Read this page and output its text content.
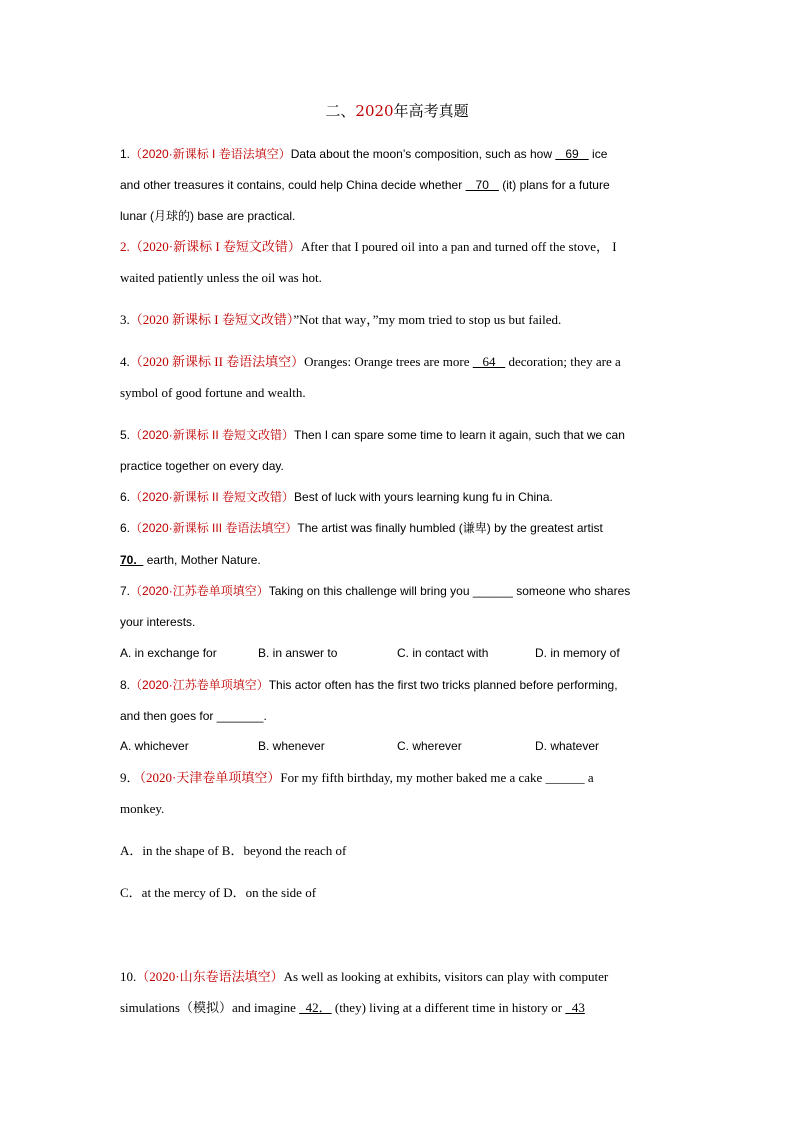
二、2020年高考真题
1.（2020·新课标 I 卷语法填空）Data about the moon’s composition, such as how    69    ice
and other treasures it contains, could help China decide whether    70    (it) plans for a future
lunar (月球的) base are practical.
2.（2020·新课标 I 卷短文改错）After that I poured oil into a pan and turned off the stove， I
waited patiently unless the oil was hot.
3.（2020 新课标 I 卷短文改错）”Not that way，”my mom tried to stop us but failed.
4.（2020 新课标 II 卷语法填空）Oranges: Orange trees are more    64    decoration; they are a
symbol of good fortune and wealth.
5.（2020·新课标 II 卷短文改错）Then I can spare some time to learn it again, such that we can
practice together on every day.
6.（2020·新课标 II 卷短文改错）Best of luck with yours learning kung fu in China.
6.（2020·新课标 III 卷语法填空）The artist was finally humbled (谦卑) by the greatest artist
70.   earth, Mother Nature.
7.（2020·江苏卷单项填空）Taking on this challenge will bring you ______ someone who shares
your interests.
A. in exchange for	B. in answer to	C. in contact with	D. in memory of
8.（2020·江苏卷单项填空）This actor often has the first two tricks planned before performing,
and then goes for _______.
A. whichever	B. whenever	C. wherever	D. whatever
9．（2020·天津卷单项填空）For my fifth birthday, my mother baked me a cake ______ a
monkey.
A．in the shape of B．beyond the reach of
C．at the mercy of D．on the side of
10.（2020·山东卷语法填空）As well as looking at exhibits, visitors can play with computer
simulations（模拟）and imagine   42． (they) living at a different time in history or   43
